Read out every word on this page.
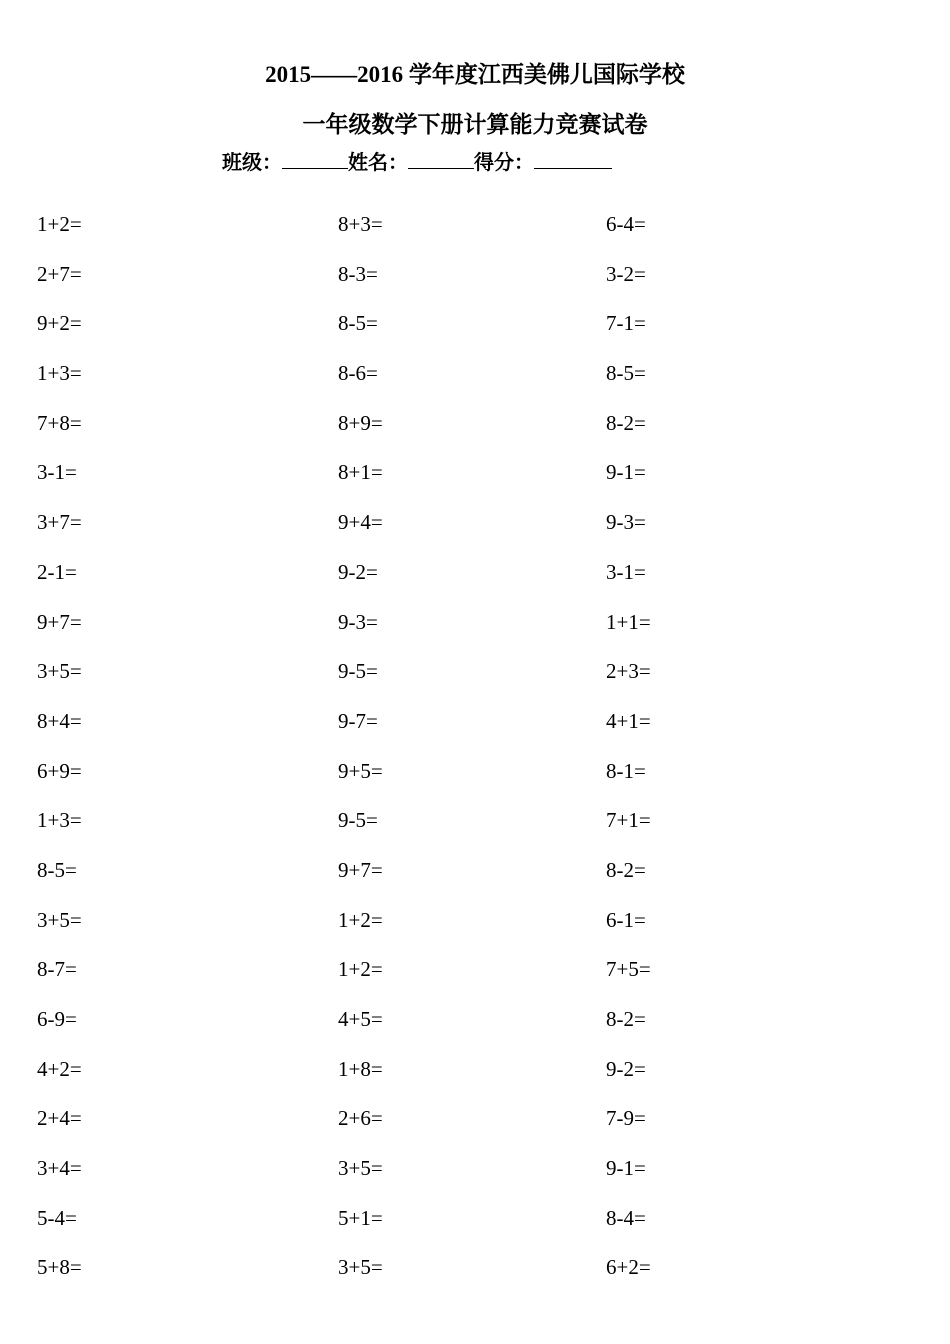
2015——2016 学年度江西美佛儿国际学校
一年级数学下册计算能力竞赛试卷
班级：	姓名：	得分：
1+2=	8+3=	6-4=
2+7=	8-3=	3-2=
9+2=	8-5=	7-1=
1+3=	8-6=	8-5=
7+8=	8+9=	8-2=
3-1=	8+1=	9-1=
3+7=	9+4=	9-3=
2-1=	9-2=	3-1=
9+7=	9-3=	1+1=
3+5=	9-5=	2+3=
8+4=	9-7=	4+1=
6+9=	9+5=	8-1=
1+3=	9-5=	7+1=
8-5=	9+7=	8-2=
3+5=	1+2=	6-1=
8-7=	1+2=	7+5=
6-9=	4+5=	8-2=
4+2=	1+8=	9-2=
2+4=	2+6=	7-9=
3+4=	3+5=	9-1=
5-4=	5+1=	8-4=
5+8=	3+5=	6+2=
